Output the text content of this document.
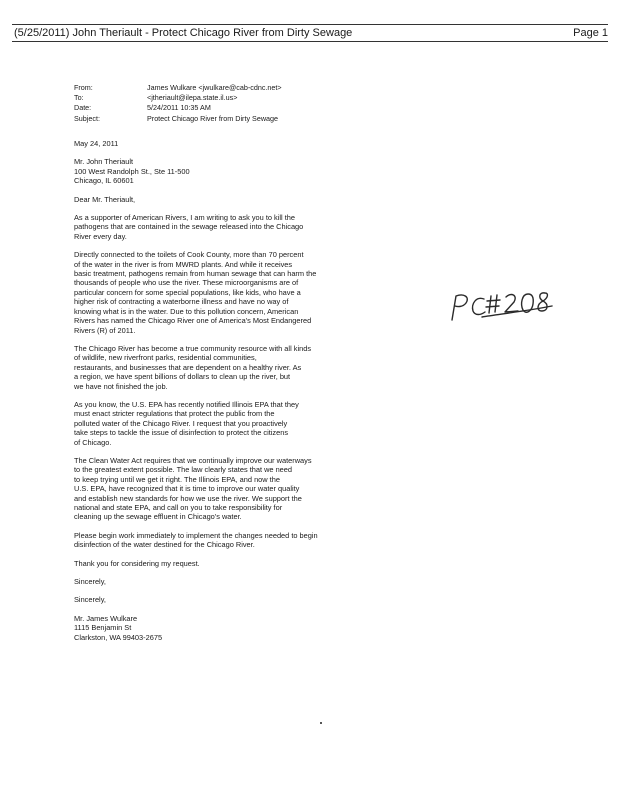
(5/25/2011) John Theriault - Protect Chicago River from Dirty Sewage	Page 1
From:	James Wulkare <jwulkare@cab-cdnc.net>
To:	<jtheriault@ilepa.state.il.us>
Date:	5/24/2011 10:35 AM
Subject:	Protect Chicago River from Dirty Sewage
May 24, 2011
Mr. John Theriault
100 West Randolph St., Ste 11-500
Chicago, IL 60601
Dear Mr. Theriault,
As a supporter of American Rivers, I am writing to ask you to kill the
pathogens that are contained in the sewage released into the Chicago
River every day.
Directly connected to the toilets of Cook County, more than 70 percent
of the water in the river is from MWRD plants. And while it receives
basic treatment, pathogens remain from human sewage that can harm the
thousands of people who use the river. These microorganisms are of
particular concern for some special populations, like kids, who have a
higher risk of contracting a waterborne illness and have no way of
knowing what is in the water. Due to this pollution concern, American
Rivers has named the Chicago River one of America's Most Endangered
Rivers (R) of 2011.
The Chicago River has become a true community resource with all kinds
of wildlife, new riverfront parks, residential communities,
restaurants, and businesses that are dependent on a healthy river. As
a region, we have spent billions of dollars to clean up the river, but
we have not finished the job.
As you know, the U.S. EPA has recently notified Illinois EPA that they
must enact stricter regulations that protect the public from the
polluted water of the Chicago River. I request that you proactively
take steps to tackle the issue of disinfection to protect the citizens
of Chicago.
The Clean Water Act requires that we continually improve our waterways
to the greatest extent possible. The law clearly states that we need
to keep trying until we get it right. The Illinois EPA, and now the
U.S. EPA, have recognized that it is time to improve our water quality
and establish new standards for how we use the river. We support the
national and state EPA, and call on you to take responsibility for
cleaning up the sewage effluent in Chicago's water.
Please begin work immediately to implement the changes needed to begin
disinfection of the water destined for the Chicago River.
Thank you for considering my request.
Sincerely,
Sincerely,
Mr. James Wulkare
1115 Benjamin St
Clarkston, WA 99403-2675
